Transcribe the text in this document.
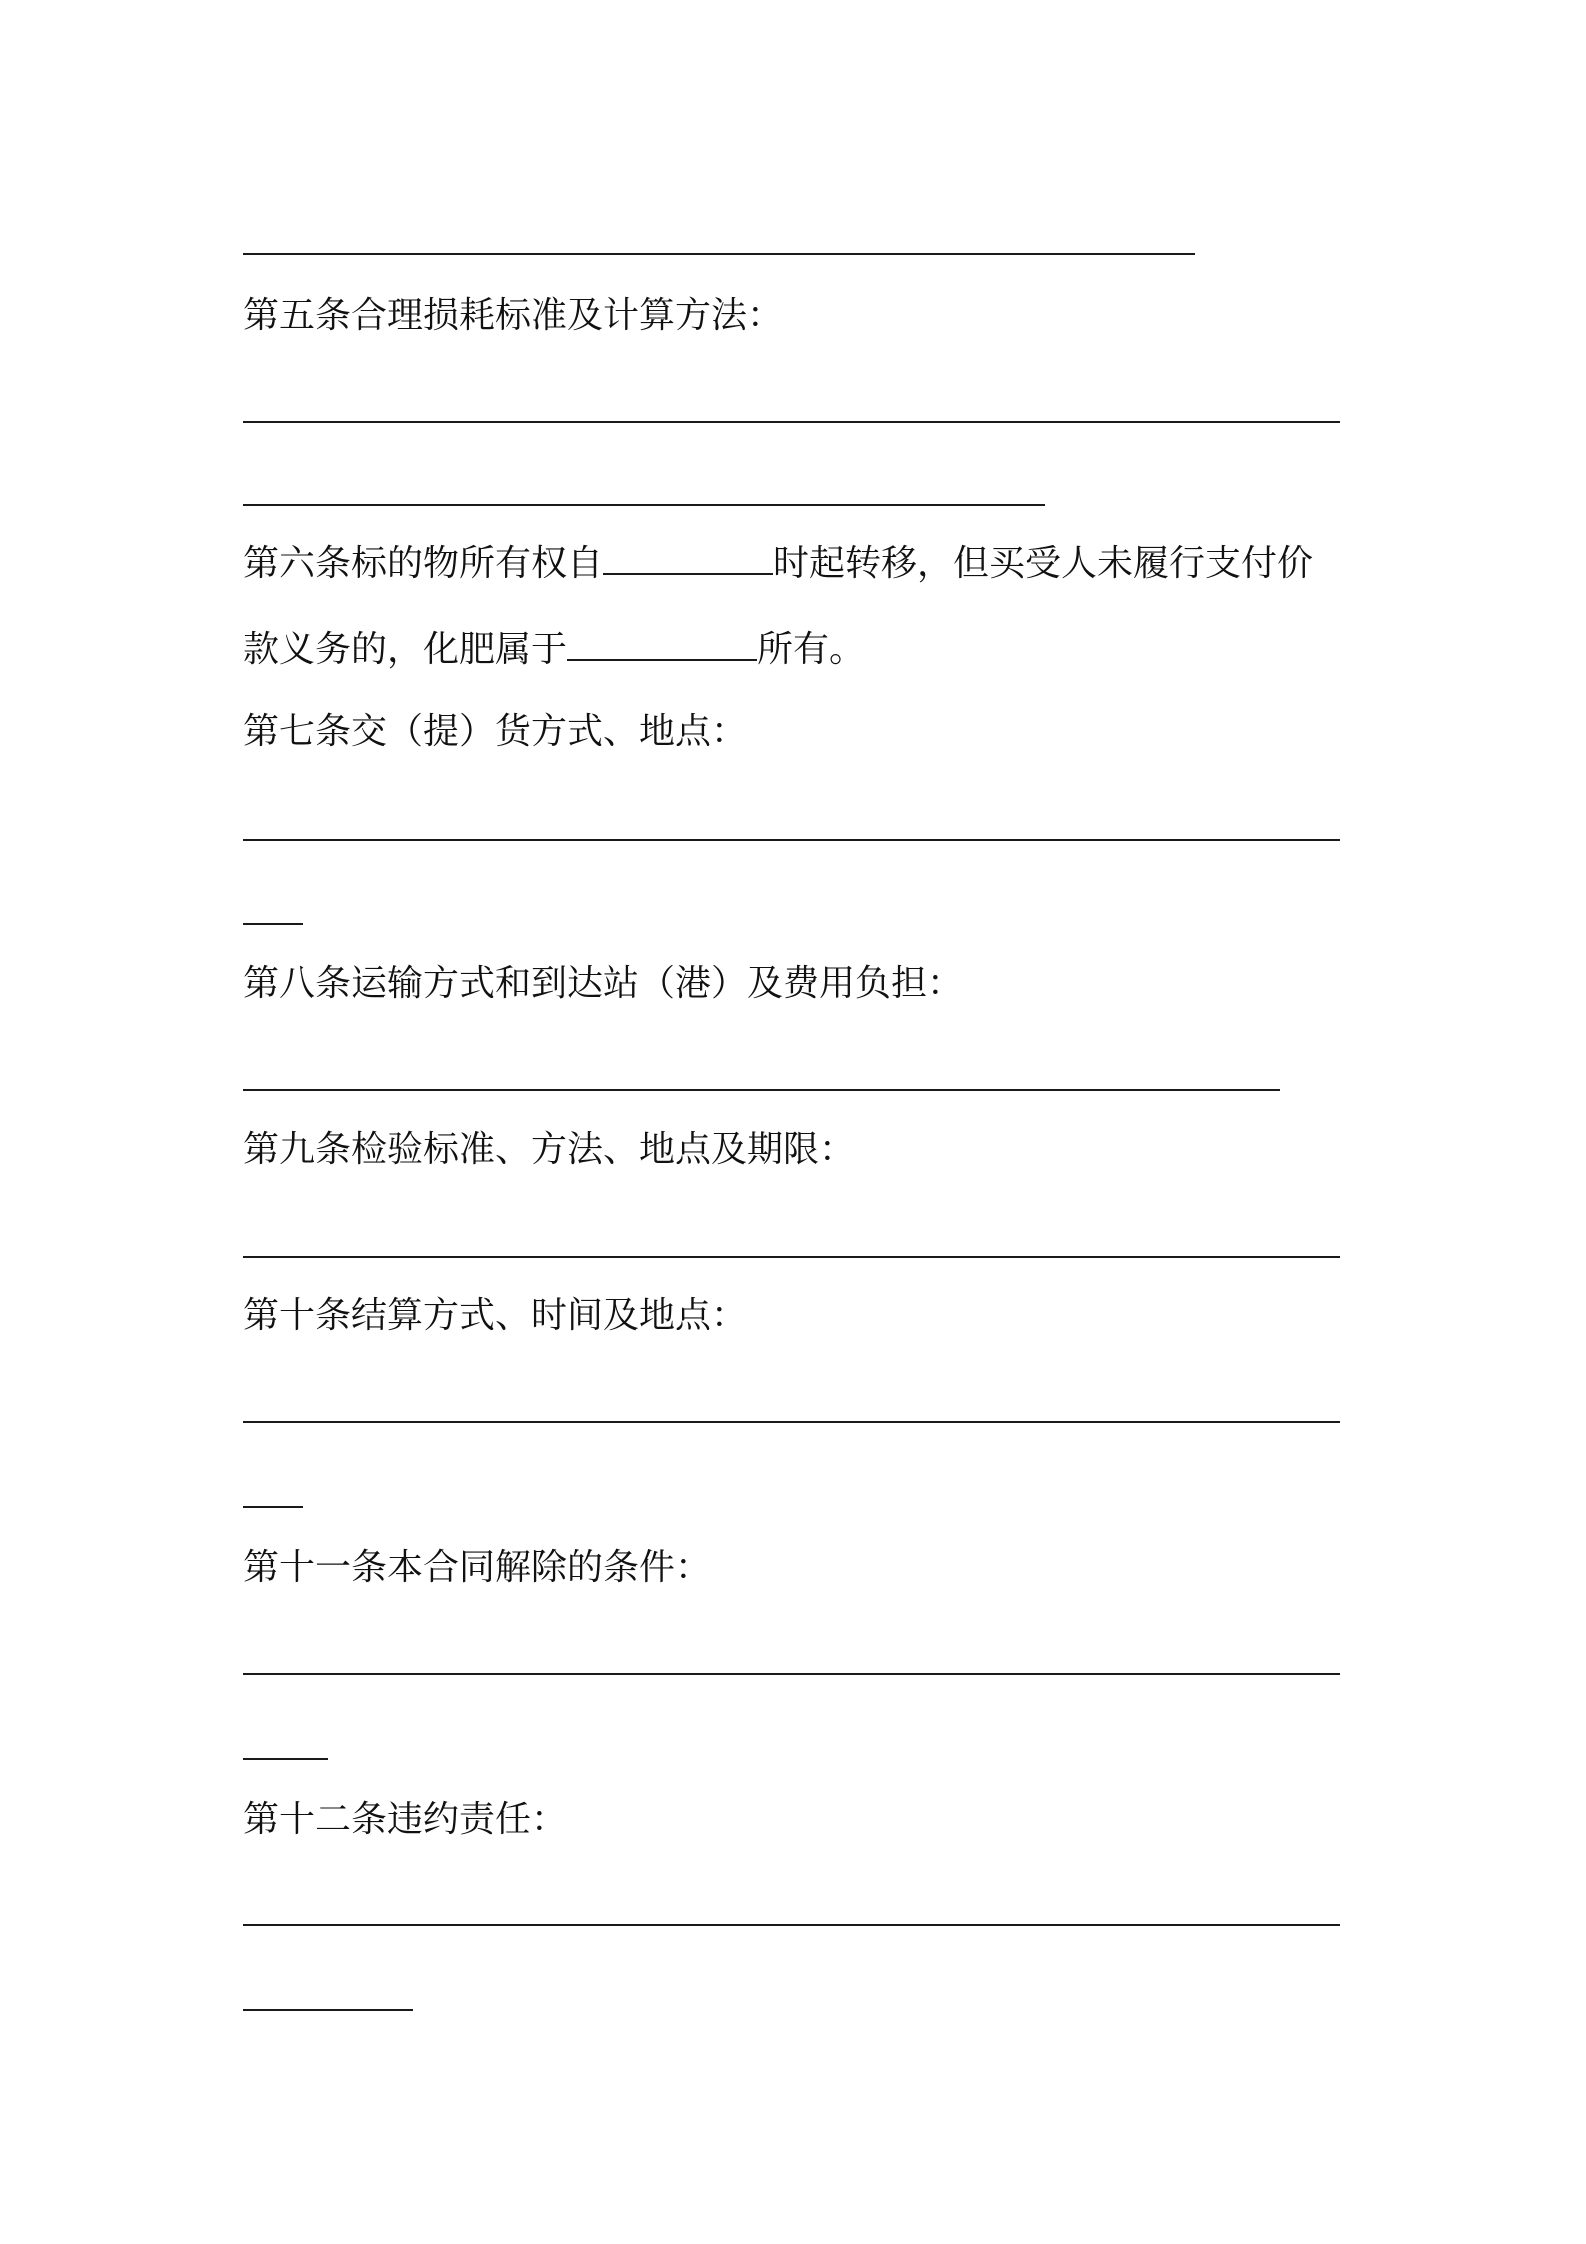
第五条合理损耗标准及计算方法：
第六条标的物所有权自	时起转移，但买受人未履行支付价
款义务的，化肥属于	所有。
第七条交（提）货方式、地点：
第八条运输方式和到达站（港）及费用负担：
第九条检验标准、方法、地点及期限：
第十条结算方式、时间及地点：
第十一条本合同解除的条件：
第十二条违约责任：
